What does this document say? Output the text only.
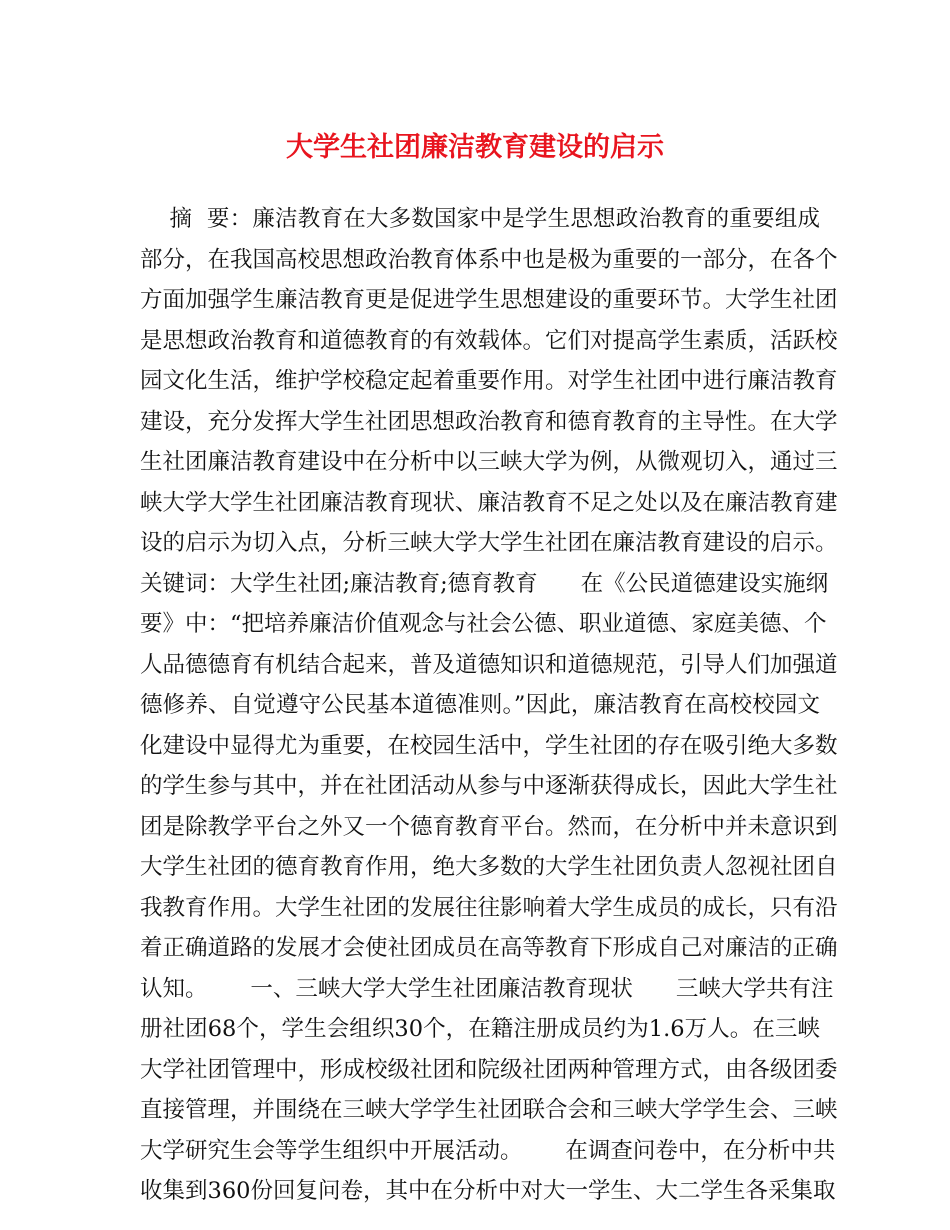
大学生社团廉洁教育建设的启示
摘  要：廉洁教育在大多数国家中是学生思想政治教育的重要组成
部分，在我国高校思想政治教育体系中也是极为重要的一部分，在各个
方面加强学生廉洁教育更是促进学生思想建设的重要环节。大学生社团
是思想政治教育和道德教育的有效载体。它们对提高学生素质，活跃校
园文化生活，维护学校稳定起着重要作用。对学生社团中进行廉洁教育
建设，充分发挥大学生社团思想政治教育和德育教育的主导性。在大学
生社团廉洁教育建设中在分析中以三峡大学为例，从微观切入，通过三
峡大学大学生社团廉洁教育现状、廉洁教育不足之处以及在廉洁教育建
设的启示为切入点，分析三峡大学大学生社团在廉洁教育建设的启示。
关键词：大学生社团;廉洁教育;德育教育      在《公民道德建设实施纲
要》中：“把培养廉洁价值观念与社会公德、职业道德、家庭美德、个
人品德德育有机结合起来，普及道德知识和道德规范，引导人们加强道
德修养、自觉遵守公民基本道德准则。”因此，廉洁教育在高校校园文
化建设中显得尤为重要，在校园生活中，学生社团的存在吸引绝大多数
的学生参与其中，并在社团活动从参与中逐渐获得成长，因此大学生社
团是除教学平台之外又一个德育教育平台。然而，在分析中并未意识到
大学生社团的德育教育作用，绝大多数的大学生社团负责人忽视社团自
我教育作用。大学生社团的发展往往影响着大学生成员的成长，只有沿
着正确道路的发展才会使社团成员在高等教育下形成自己对廉洁的正确
认知。      一、三峡大学大学生社团廉洁教育现状      三峡大学共有注
册社团68个，学生会组织30个，在籍注册成员约为1.6万人。在三峡
大学社团管理中，形成校级社团和院级社团两种管理方式，由各级团委
直接管理，并围绕在三峡大学学生社团联合会和三峡大学学生会、三峡
大学研究生会等学生组织中开展活动。      在调查问卷中，在分析中共
收集到360份回复问卷，其中在分析中对大一学生、大二学生各采集取
